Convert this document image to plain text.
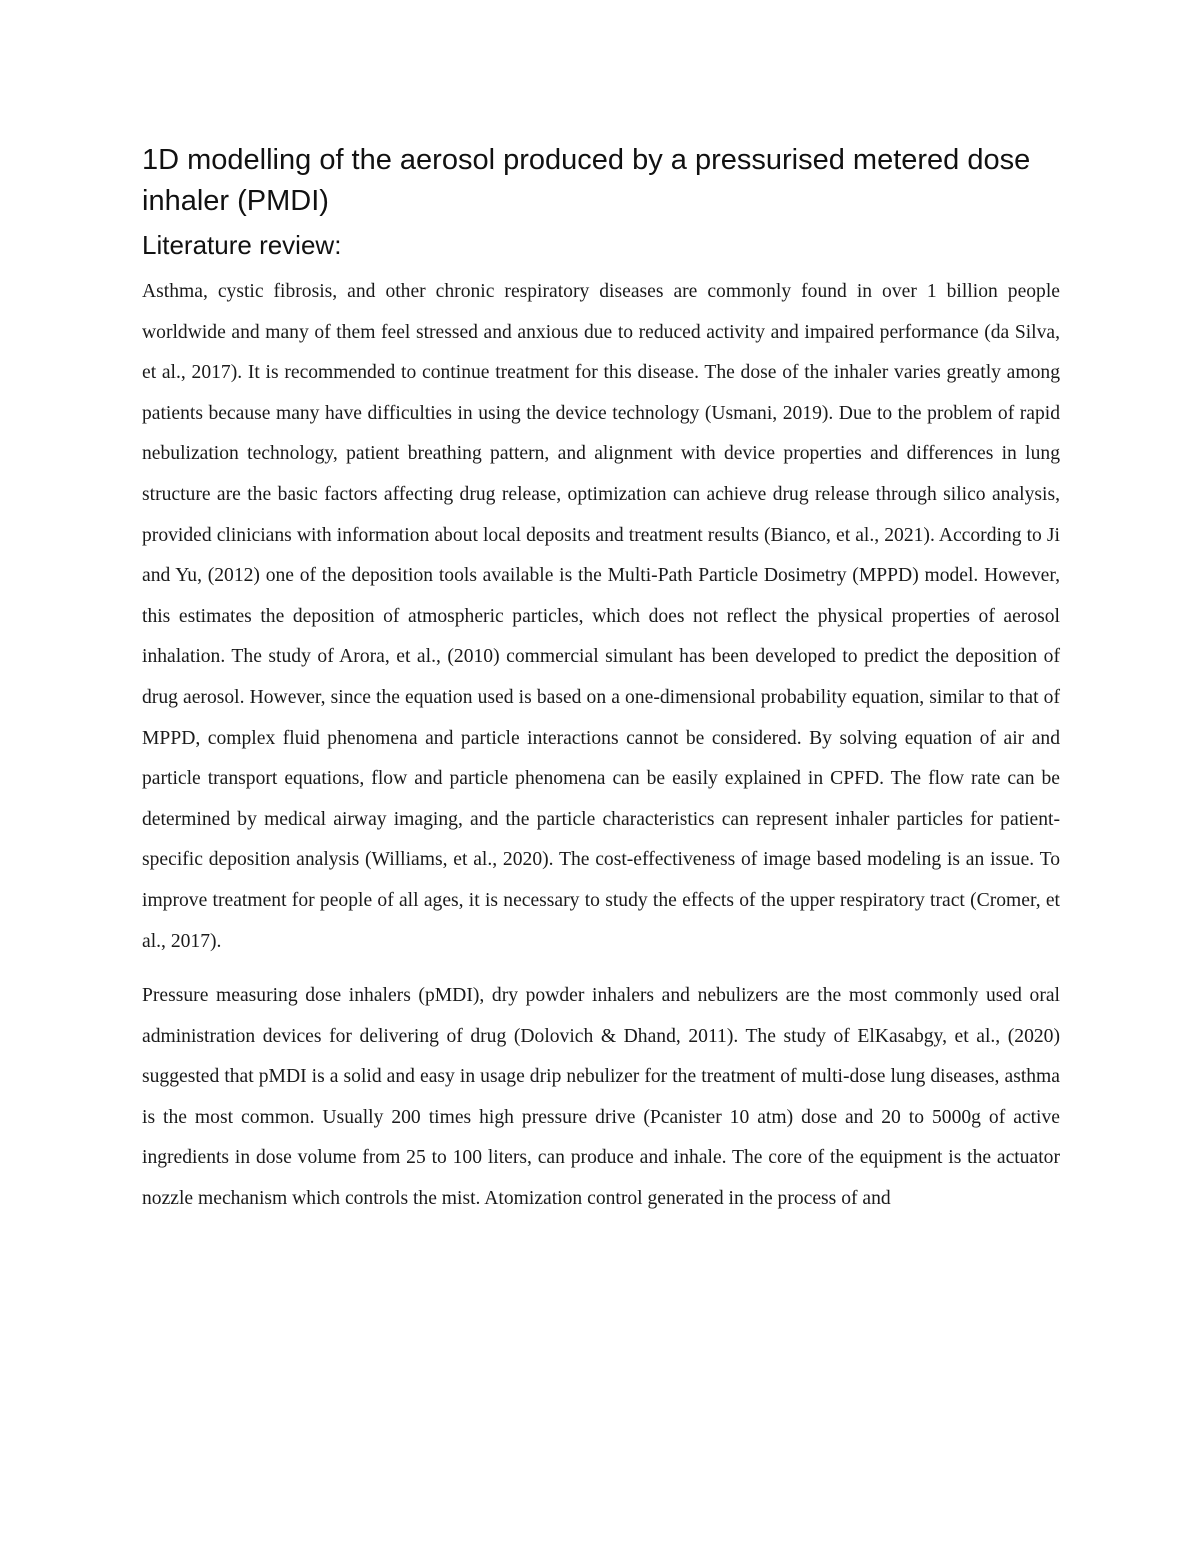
1D modelling of the aerosol produced by a pressurised metered dose inhaler (PMDI)
Literature review:

Asthma, cystic fibrosis, and other chronic respiratory diseases are commonly found in over 1 billion people worldwide and many of them feel stressed and anxious due to reduced activity and impaired performance (da Silva, et al., 2017). It is recommended to continue treatment for this disease. The dose of the inhaler varies greatly among patients because many have difficulties in using the device technology (Usmani, 2019). Due to the problem of rapid nebulization technology, patient breathing pattern, and alignment with device properties and differences in lung structure are the basic factors affecting drug release, optimization can achieve drug release through silico analysis, provided clinicians with information about local deposits and treatment results (Bianco, et al., 2021). According to Ji and Yu, (2012) one of the deposition tools available is the Multi-Path Particle Dosimetry (MPPD) model. However, this estimates the deposition of atmospheric particles, which does not reflect the physical properties of aerosol inhalation. The study of Arora, et al., (2010) commercial simulant has been developed to predict the deposition of drug aerosol. However, since the equation used is based on a one-dimensional probability equation, similar to that of MPPD, complex fluid phenomena and particle interactions cannot be considered. By solving equation of air and particle transport equations, flow and particle phenomena can be easily explained in CPFD. The flow rate can be determined by medical airway imaging, and the particle characteristics can represent inhaler particles for patient-specific deposition analysis (Williams, et al., 2020). The cost-effectiveness of image based modeling is an issue. To improve treatment for people of all ages, it is necessary to study the effects of the upper respiratory tract (Cromer, et al., 2017).

Pressure measuring dose inhalers (pMDI), dry powder inhalers and nebulizers are the most commonly used oral administration devices for delivering of drug (Dolovich & Dhand, 2011). The study of ElKasabgy, et al., (2020) suggested that pMDI is a solid and easy in usage drip nebulizer for the treatment of multi-dose lung diseases, asthma is the most common. Usually 200 times high pressure drive (Pcanister 10 atm) dose and 20 to 5000g of active ingredients in dose volume from 25 to 100 liters, can produce and inhale. The core of the equipment is the actuator nozzle mechanism which controls the mist. Atomization control generated in the process of and
